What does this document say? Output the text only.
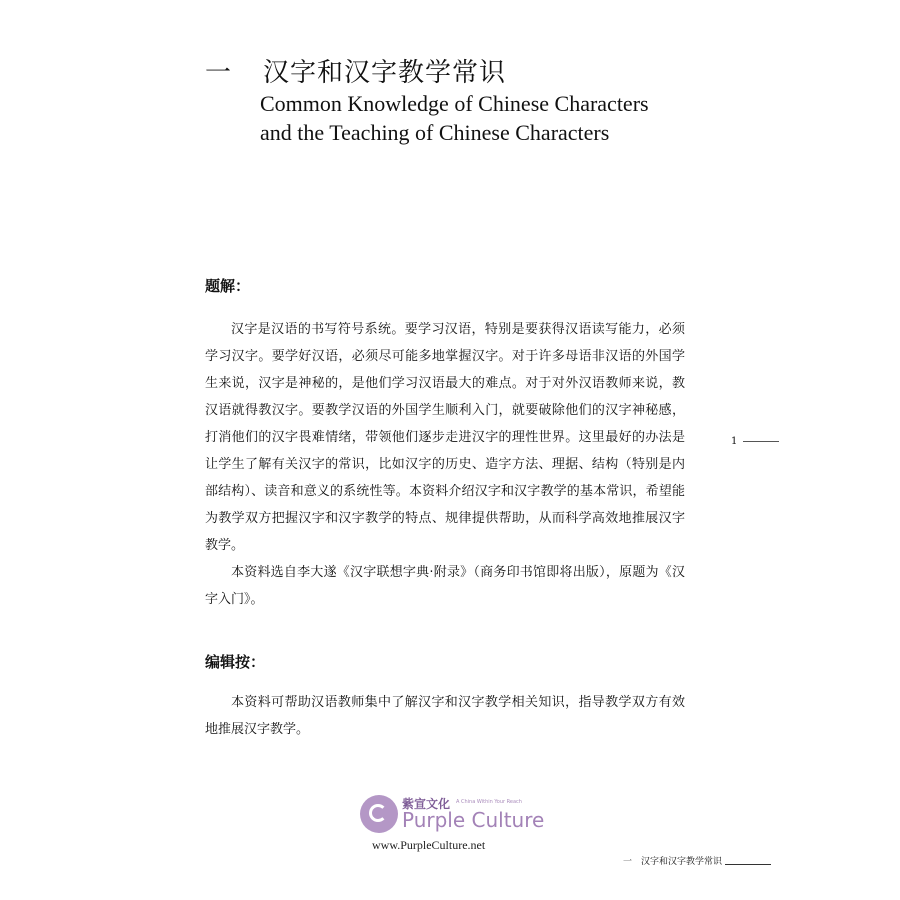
一 汉字和汉字教学常识
Common Knowledge of Chinese Characters
and the Teaching of Chinese Characters
题解：

汉字是汉语的书写符号系统。要学习汉语，特别是要获得汉语读写能力，必须学习汉字。要学好汉语，必须尽可能多地掌握汉字。对于许多母语非汉语的外国学生来说，汉字是神秘的，是他们学习汉语最大的难点。对于对外汉语教师来说，教汉语就得教汉字。要教学汉语的外国学生顺利入门，就要破除他们的汉字神秘感，打消他们的汉字畏难情绪，带领他们逐步走进汉字的理性世界。这里最好的办法是让学生了解有关汉字的常识，比如汉字的历史、造字方法、理据、结构（特别是内部结构）、读音和意义的系统性等。本资料介绍汉字和汉字教学的基本常识，希望能为教学双方把握汉字和汉字教学的特点、规律提供帮助，从而科学高效地推展汉字教学。

本资料选自李大遂《汉字联想字典·附录》（商务印书馆即将出版），原题为《汉字入门》。

1
编辑按：

本资料可帮助汉语教师集中了解汉字和汉字教学相关知识，指导教学双方有效地推展汉字教学。

紫宣文化 A China Within Your Reach
Purple Culture
www.PurpleCulture.net
一　汉字和汉字教学常识
